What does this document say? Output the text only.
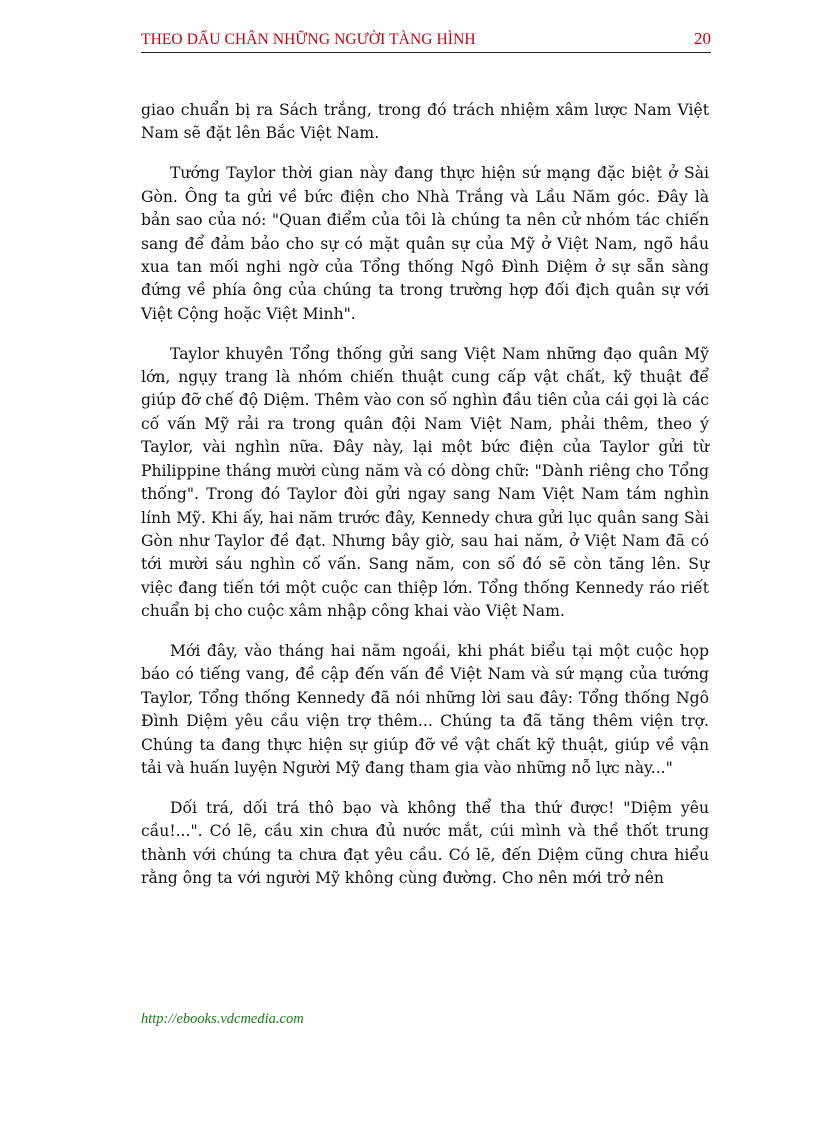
THEO DẤU CHÂN NHỮNG NGƯỜI TÀNG HÌNH	20

giao chuẩn bị ra Sách trắng, trong đó trách nhiệm xâm lược Nam Việt Nam sẽ đặt lên Bắc Việt Nam.

Tướng Taylor thời gian này đang thực hiện sứ mạng đặc biệt ở Sài Gòn. Ông ta gửi về bức điện cho Nhà Trắng và Lầu Năm góc. Đây là bản sao của nó: "Quan điểm của tôi là chúng ta nên cử nhóm tác chiến sang để đảm bảo cho sự có mặt quân sự của Mỹ ở Việt Nam, ngõ hầu xua tan mối nghi ngờ của Tổng thống Ngô Đình Diệm ở sự sẵn sàng đứng về phía ông của chúng ta trong trường hợp đối địch quân sự với Việt Cộng hoặc Việt Minh".

Taylor khuyên Tổng thống gửi sang Việt Nam những đạo quân Mỹ lớn, ngụy trang là nhóm chiến thuật cung cấp vật chất, kỹ thuật để giúp đỡ chế độ Diệm. Thêm vào con số nghìn đầu tiên của cái gọi là các cố vấn Mỹ rải ra trong quân đội Nam Việt Nam, phải thêm, theo ý Taylor, vài nghìn nữa. Đây này, lại một bức điện của Taylor gửi từ Philippine tháng mười cùng năm và có dòng chữ: "Dành riêng cho Tổng thống". Trong đó Taylor đòi gửi ngay sang Nam Việt Nam tám nghìn lính Mỹ. Khi ấy, hai năm trước đây, Kennedy chưa gửi lục quân sang Sài Gòn như Taylor đề đạt. Nhưng bây giờ, sau hai năm, ở Việt Nam đã có tới mười sáu nghìn cố vấn. Sang năm, con số đó sẽ còn tăng lên. Sự việc đang tiến tới một cuộc can thiệp lớn. Tổng thống Kennedy ráo riết chuẩn bị cho cuộc xâm nhập công khai vào Việt Nam.

Mới đây, vào tháng hai năm ngoái, khi phát biểu tại một cuộc họp báo có tiếng vang, đề cập đến vấn đề Việt Nam và sứ mạng của tướng Taylor, Tổng thống Kennedy đã nói những lời sau đây: Tổng thống Ngô Đình Diệm yêu cầu viện trợ thêm... Chúng ta đã tăng thêm viện trợ. Chúng ta đang thực hiện sự giúp đỡ về vật chất kỹ thuật, giúp về vận tải và huấn luyện Người Mỹ đang tham gia vào những nỗ lực này..."

Dối trá, dối trá thô bạo và không thể tha thứ được! "Diệm yêu cầu!...". Có lẽ, cầu xin chưa đủ nước mắt, cúi mình và thề thốt trung thành với chúng ta chưa đạt yêu cầu. Có lẽ, đến Diệm cũng chưa hiểu rằng ông ta với người Mỹ không cùng đường. Cho nên mới trở nên

http://ebooks.vdcmedia.com
